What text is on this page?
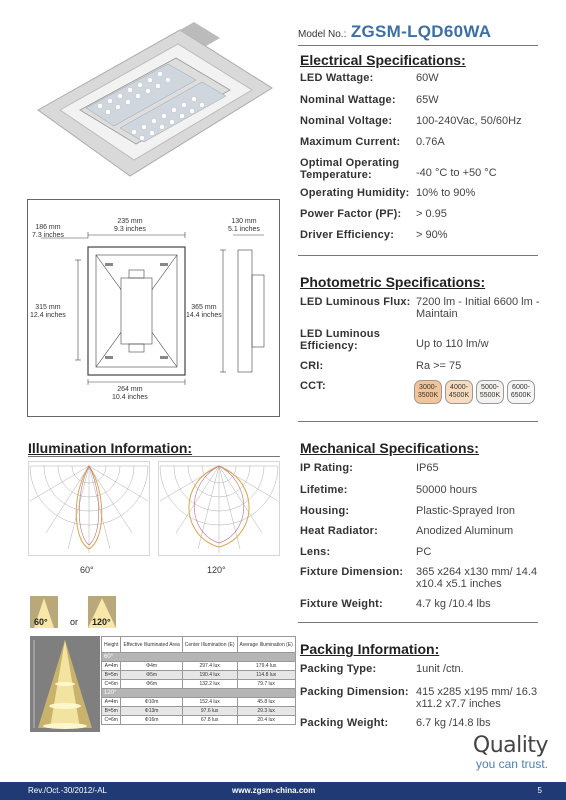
Model No.: ZGSM-LQD60WA
Electrical Specifications:
LED Wattage:	60W
Nominal Wattage:	65W
Nominal Voltage:	100-240Vac, 50/60Hz
Maximum Current:	0.76A
Optimal Operating Temperature:	-40 °C to +50 °C
Operating Humidity: 10% to 90%
Power Factor (PF):	> 0.95
Driver Efficiency:	> 90%
Photometric Specifications:
LED Luminous Flux: 7200 lm - Initial 6600 lm - Maintain
LED Luminous Efficiency:	Up to 110 lm/w
CRI:	Ra >= 75
CCT:	3000-3500K
4000-4500K
5000-5500K
6000-6500K
Mechanical Specifications:
IP Rating:	IP65
Lifetime:	50000 hours
Housing:	Plastic-Sprayed Iron
Heat Radiator:	Anodized Aluminum
Lens:	PC
Fixture Dimension:	365 x264 x130 mm/ 14.4 x10.4 x5.1 inches
Fixture Weight:	4.7 kg /10.4 lbs
Packing Information:
Packing Type:	1unit /ctn.
Packing Dimension: 415 x285 x195 mm/ 16.3 x11.2 x7.7 inches
Packing Weight:	6.7 kg /14.8 lbs
186 mm
7.3 inches
235 mm
9.3 inches
130 mm
5.1 inches
315 mm
12.4 inches
365 mm
14.4 inches
264 mm
10.4 inches
Illumination Information:
60°	120°
60° or 120°
Height	Effective Illuminated Area	Center Illumination (E)	Average Illumination (E)
60°			
A=4m	Φ4m	297.4 lux	179.4 lux
B=5m	Φ5m	190.4 lux	114.8 lux
C=6m	Φ6m	132.2 lux	79.7 lux
120°			
A=4m	Φ10m	152.4 lux	45.8 lux
B=5m	Φ13m	97.6 lux	29.3 lux
C=6m	Φ16m	67.8 lux	20.4 lux
Quality
you can trust.
Rev./Oct.-30/2012/-AL	www.zgsm-china.com	5
